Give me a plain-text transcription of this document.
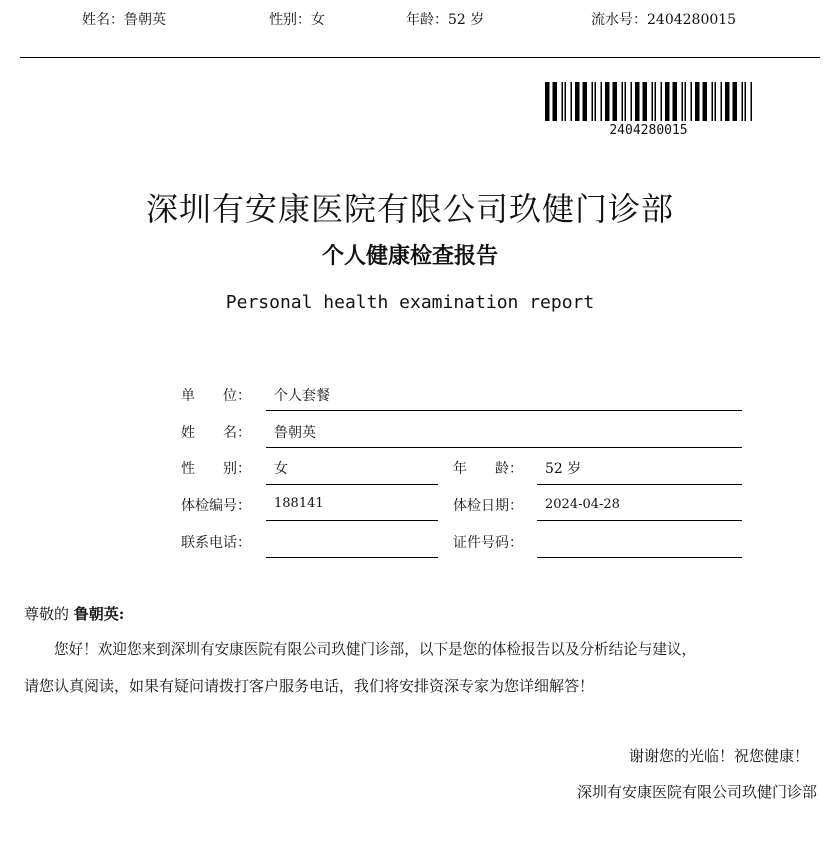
姓名：鲁朝英	性别：女	年龄：52 岁	流水号：2404280015
2404280015
深圳有安康医院有限公司玖健门诊部
个人健康检查报告
Personal health examination report
单　　位： 个人套餐
姓　　名： 鲁朝英
性　　别： 女	年　　龄： 52 岁
体检编号： 188141	体检日期： 2024-04-28
联系电话：	证件号码：
尊敬的 鲁朝英:
您好！欢迎您来到深圳有安康医院有限公司玖健门诊部，以下是您的体检报告以及分析结论与建议，
请您认真阅读，如果有疑问请拨打客户服务电话，我们将安排资深专家为您详细解答！
谢谢您的光临！祝您健康！
深圳有安康医院有限公司玖健门诊部
